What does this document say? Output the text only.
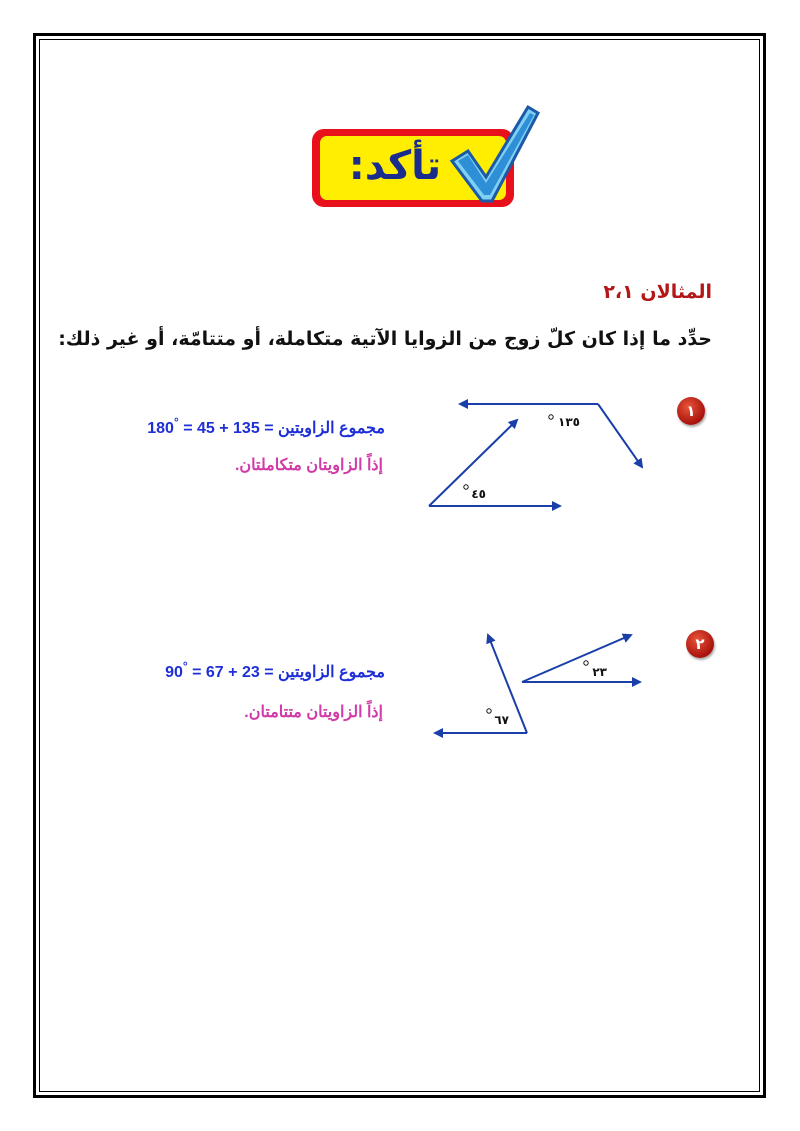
تأكد:
المثالان ٢،١
حدِّد ما إذا كان كلّ زوج من الزوايا الآتية متكاملة، أو متتامّة، أو غير ذلك:
١
١٣٥
٤٥
مجموع الزاويتين = 135 + 45 = 180°
إذاً الزاويتان متكاملتان.
٢
٢٣
٦٧
مجموع الزاويتين = 23 + 67 = 90°
إذاً الزاويتان متتامتان.
